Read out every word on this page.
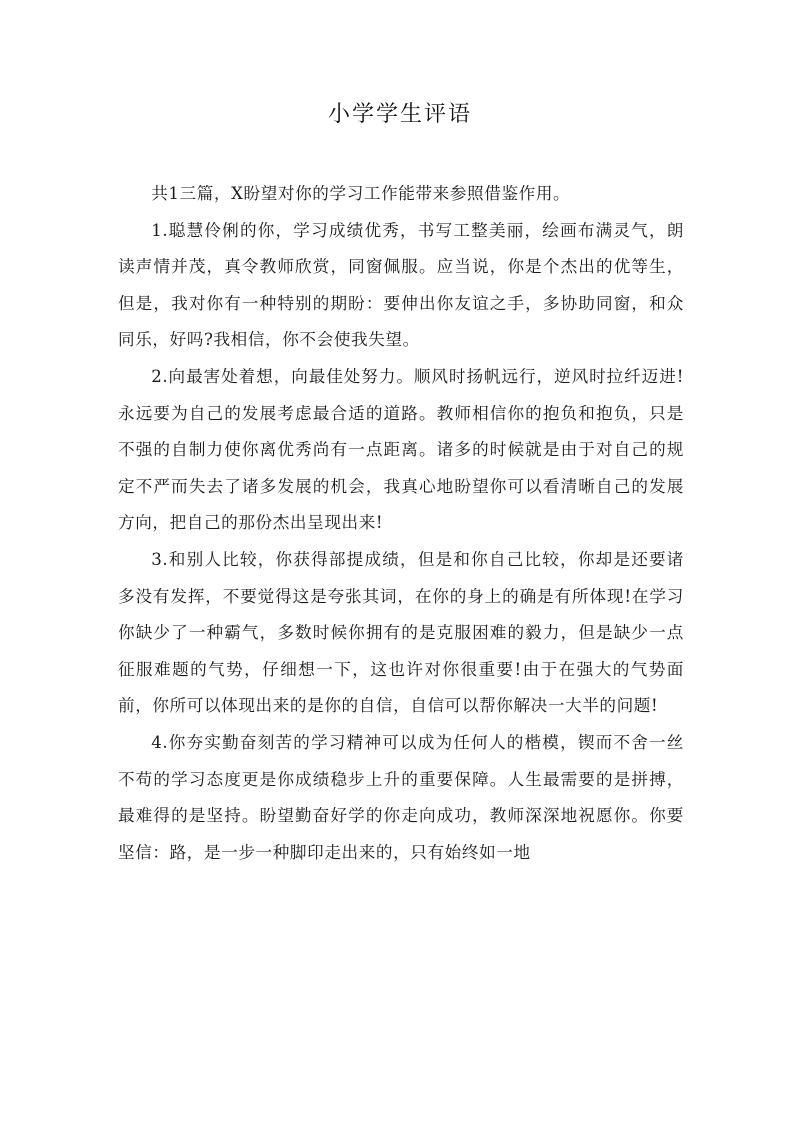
小学学生评语

共1三篇，X盼望对你的学习工作能带来参照借鉴作用。

1.聪慧伶俐的你，学习成绩优秀，书写工整美丽，绘画布满灵气，朗读声情并茂，真令教师欣赏，同窗佩服。应当说，你是个杰出的优等生，但是，我对你有一种特别的期盼：要伸出你友谊之手，多协助同窗，和众同乐，好吗?我相信，你不会使我失望。

2.向最害处着想，向最佳处努力。顺风时扬帆远行，逆风时拉纤迈进!永远要为自己的发展考虑最合适的道路。教师相信你的抱负和抱负，只是不强的自制力使你离优秀尚有一点距离。诸多的时候就是由于对自己的规定不严而失去了诸多发展的机会，我真心地盼望你可以看清晰自己的发展方向，把自己的那份杰出呈现出来!

3.和别人比较，你获得部提成绩，但是和你自己比较，你却是还要诸多没有发挥，不要觉得这是夸张其词，在你的身上的确是有所体现!在学习你缺少了一种霸气，多数时候你拥有的是克服困难的毅力，但是缺少一点征服难题的气势，仔细想一下，这也许对你很重要!由于在强大的气势面前，你所可以体现出来的是你的自信，自信可以帮你解决一大半的问题!

4.你夯实勤奋刻苦的学习精神可以成为任何人的楷模，锲而不舍一丝不苟的学习态度更是你成绩稳步上升的重要保障。人生最需要的是拼搏，最难得的是坚持。盼望勤奋好学的你走向成功，教师深深地祝愿你。你要坚信：路，是一步一种脚印走出来的，只有始终如一地
